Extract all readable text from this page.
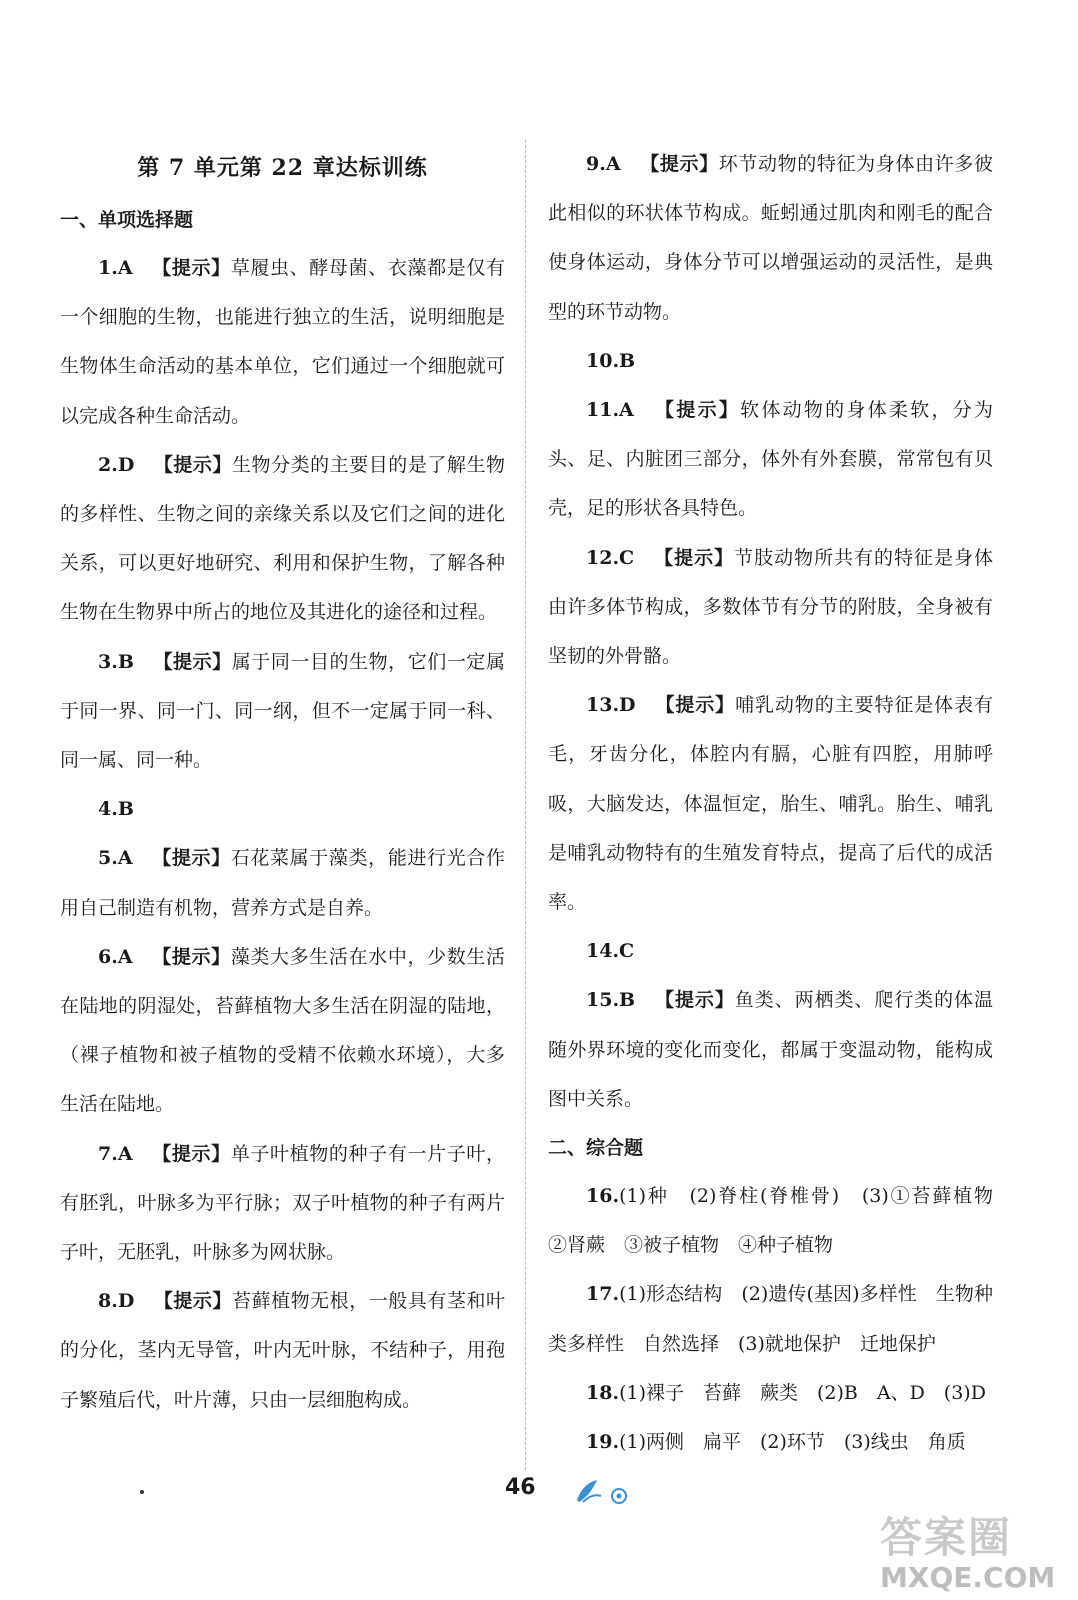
第 7 单元第 22 章达标训练
一、单项选择题
1.A  【提示】草履虫、酵母菌、衣藻都是仅有一个细胞的生物，也能进行独立的生活，说明细胞是生物体生命活动的基本单位，它们通过一个细胞就可以完成各种生命活动。
2.D  【提示】生物分类的主要目的是了解生物的多样性、生物之间的亲缘关系以及它们之间的进化关系，可以更好地研究、利用和保护生物，了解各种生物在生物界中所占的地位及其进化的途径和过程。
3.B  【提示】属于同一目的生物，它们一定属于同一界、同一门、同一纲，但不一定属于同一科、同一属、同一种。
4.B
5.A  【提示】石花菜属于藻类，能进行光合作用自己制造有机物，营养方式是自养。
6.A  【提示】藻类大多生活在水中，少数生活在陆地的阴湿处，苔藓植物大多生活在阴湿的陆地，（裸子植物和被子植物的受精不依赖水环境），大多生活在陆地。
7.A  【提示】单子叶植物的种子有一片子叶，有胚乳，叶脉多为平行脉；双子叶植物的种子有两片子叶，无胚乳，叶脉多为网状脉。
8.D  【提示】苔藓植物无根，一般具有茎和叶的分化，茎内无导管，叶内无叶脉，不结种子，用孢子繁殖后代，叶片薄，只由一层细胞构成。
9.A  【提示】环节动物的特征为身体由许多彼此相似的环状体节构成。蚯蚓通过肌肉和刚毛的配合使身体运动，身体分节可以增强运动的灵活性，是典型的环节动物。
10.B
11.A  【提示】软体动物的身体柔软，分为头、足、内脏团三部分，体外有外套膜，常常包有贝壳，足的形状各具特色。
12.C  【提示】节肢动物所共有的特征是身体由许多体节构成，多数体节有分节的附肢，全身被有坚韧的外骨骼。
13.D  【提示】哺乳动物的主要特征是体表有毛，牙齿分化，体腔内有膈，心脏有四腔，用肺呼吸，大脑发达，体温恒定，胎生、哺乳。胎生、哺乳是哺乳动物特有的生殖发育特点，提高了后代的成活率。
14.C
15.B  【提示】鱼类、两栖类、爬行类的体温随外界环境的变化而变化，都属于变温动物，能构成图中关系。
二、综合题
16.(1)种　(2)脊柱(脊椎骨)　(3)①苔藓植物　②肾蕨　③被子植物　④种子植物
17.(1)形态结构　(2)遗传(基因)多样性　生物种类多样性　自然选择　(3)就地保护　迁地保护
18.(1)裸子　苔藓　蕨类　(2)B　A、D　(3)D
19.(1)两侧　扁平　(2)环节　(3)线虫　角质
46
答案圈
MXQE.COM
